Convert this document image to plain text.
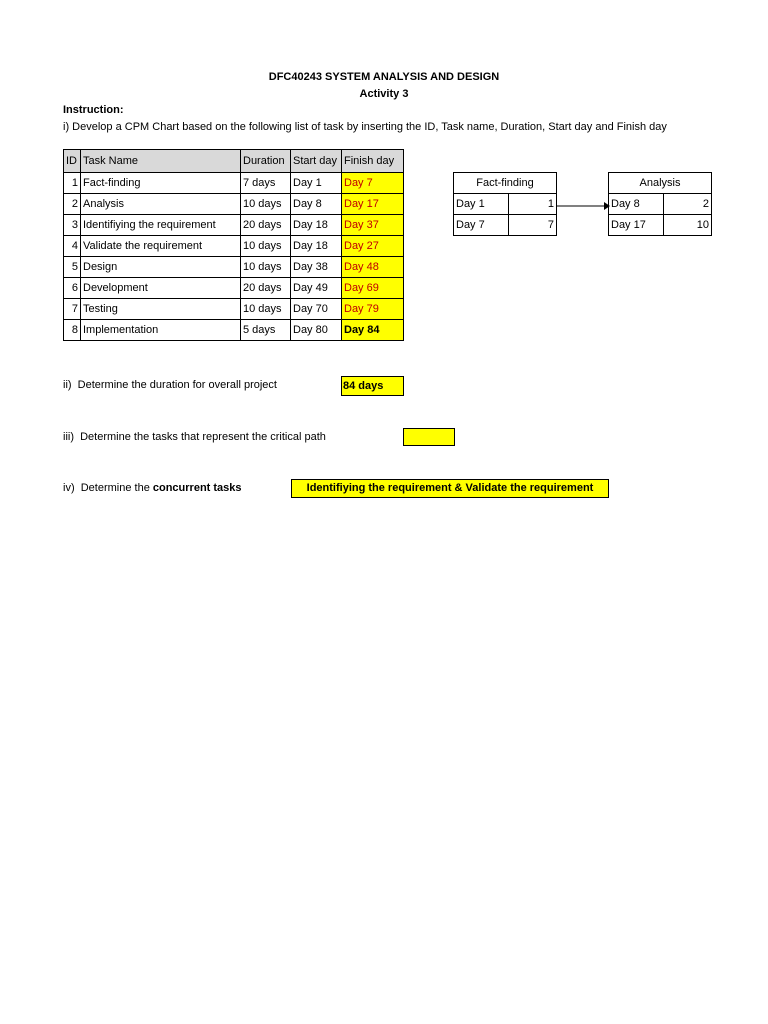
DFC40243 SYSTEM ANALYSIS AND DESIGN
Activity 3
Instruction:
i) Develop a CPM Chart based on the following list of task by inserting the ID, Task name, Duration, Start day and Finish day
ID	Task Name	Duration	Start day	Finish day
1	Fact-finding	7 days	Day 1	Day 7
2	Analysis	10 days	Day 8	Day 17
3	Identifiying the requirement	20 days	Day 18	Day 37
4	Validate the requirement	10 days	Day 18	Day 27
5	Design	10 days	Day 38	Day 48
6	Development	20 days	Day 49	Day 69
7	Testing	10 days	Day 70	Day 79
8	Implementation	5 days	Day 80	Day 84
Fact-finding	
Day 1	1
Day 7	7
Analysis	
Day 8	2
Day 17	10
ii)  Determine the duration for overall project	84 days
iii)  Determine the tasks that represent the critical path
iv)  Determine the concurrent tasks	Identifiying the requirement & Validate the requirement
